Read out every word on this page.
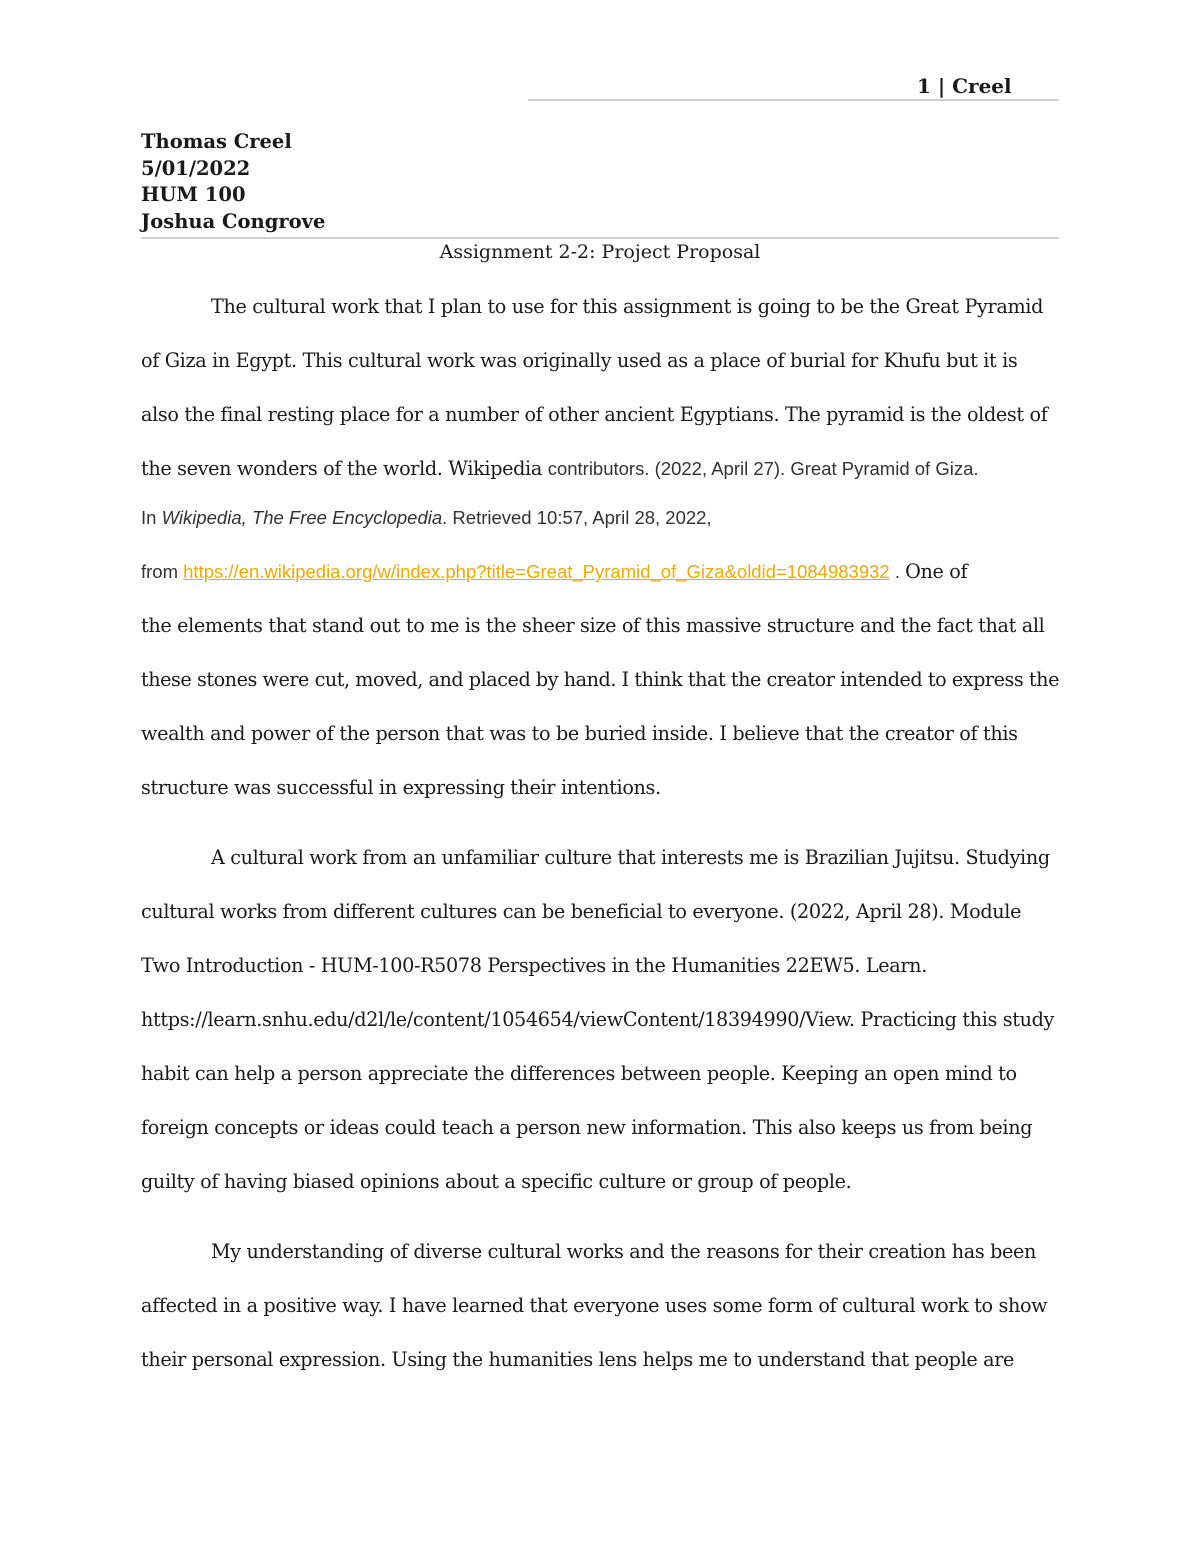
1 | Creel
Thomas Creel
5/01/2022
HUM 100
Joshua Congrove
Assignment 2-2: Project Proposal
The cultural work that I plan to use for this assignment is going to be the Great Pyramid
of Giza in Egypt. This cultural work was originally used as a place of burial for Khufu but it is
also the final resting place for a number of other ancient Egyptians. The pyramid is the oldest of
the seven wonders of the world. Wikipedia contributors. (2022, April 27). Great Pyramid of Giza.
In Wikipedia, The Free Encyclopedia. Retrieved 10:57, April 28, 2022,
from https://en.wikipedia.org/w/index.php?title=Great_Pyramid_of_Giza&oldid=1084983932 . One of
the elements that stand out to me is the sheer size of this massive structure and the fact that all
these stones were cut, moved, and placed by hand. I think that the creator intended to express the
wealth and power of the person that was to be buried inside. I believe that the creator of this
structure was successful in expressing their intentions.
A cultural work from an unfamiliar culture that interests me is Brazilian Jujitsu. Studying
cultural works from different cultures can be beneficial to everyone. (2022, April 28). Module
Two Introduction - HUM-100-R5078 Perspectives in the Humanities 22EW5. Learn.
https://learn.snhu.edu/d2l/le/content/1054654/viewContent/18394990/View. Practicing this study
habit can help a person appreciate the differences between people. Keeping an open mind to
foreign concepts or ideas could teach a person new information. This also keeps us from being
guilty of having biased opinions about a specific culture or group of people.
My understanding of diverse cultural works and the reasons for their creation has been
affected in a positive way. I have learned that everyone uses some form of cultural work to show
their personal expression. Using the humanities lens helps me to understand that people are
